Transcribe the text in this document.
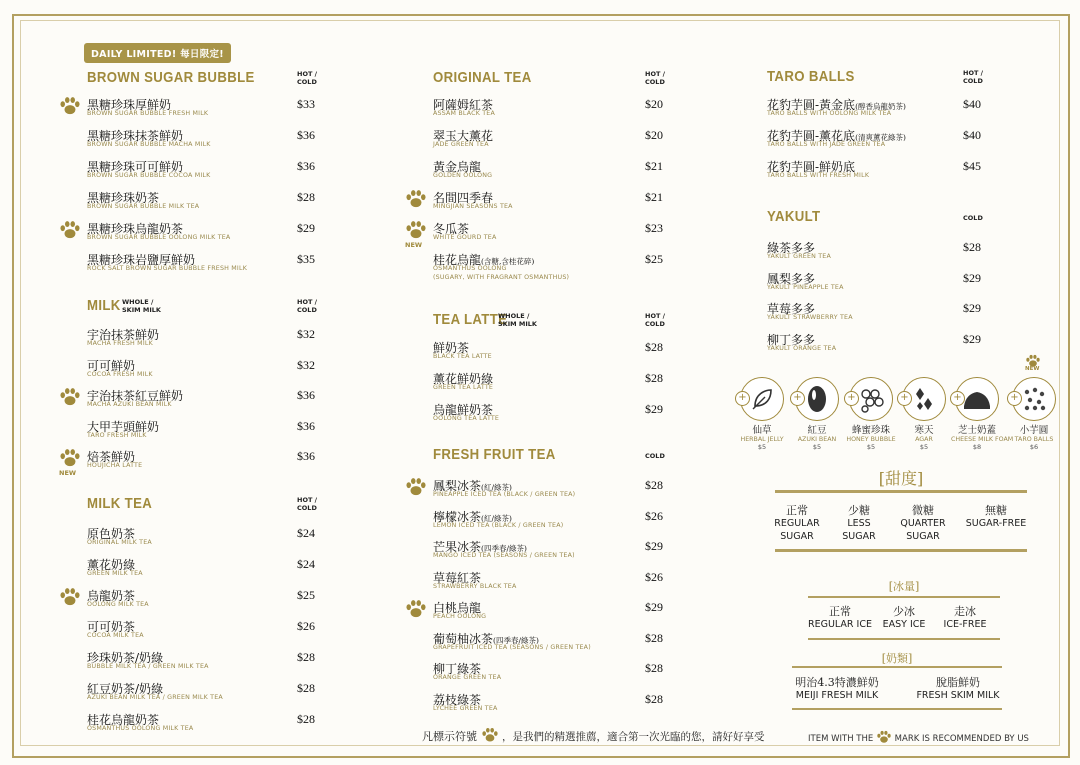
DAILY LIMITED! 每日限定!
BROWN SUGAR BUBBLE	HOT /
COLD
黑糖珍珠厚鮮奶
BROWN SUGAR BUBBLE FRESH MILK
$33
黑糖珍珠抹茶鮮奶
BROWN SUGAR BUBBLE MACHA MILK
$36
黑糖珍珠可可鮮奶
BROWN SUGAR BUBBLE COCOA MILK
$36
黑糖珍珠奶茶
BROWN SUGAR BUBBLE MILK TEA
$28
黑糖珍珠烏龍奶茶
BROWN SUGAR BUBBLE OOLONG MILK TEA
$29
黑糖珍珠岩鹽厚鮮奶
ROCK SALT BROWN SUGAR BUBBLE FRESH MILK
$35
MILK WHOLE /
SKIM MILK
HOT /
COLD
宇治抹茶鮮奶
MACHA FRESH MILK
$32
可可鮮奶
COCOA FRESH MILK
$32
宇治抹茶紅豆鮮奶
MACHA AZUKI BEAN MILK
$36
大甲芋頭鮮奶
TARO FRESH MILK
$36
焙茶鮮奶
HOUJICHA LATTE
$36
NEW
MILK TEA	HOT /
COLD
原色奶茶
ORIGINAL MILK TEA
$24
薰花奶綠
GREEN MILK TEA
$24
烏龍奶茶
OOLONG MILK TEA
$25
可可奶茶
COCOA MILK TEA
$26
珍珠奶茶/奶綠
BUBBLE MILK TEA / GREEN MILK TEA
$28
紅豆奶茶/奶綠
AZUKI BEAN MILK TEA / GREEN MILK TEA
$28
桂花烏龍奶茶
OSMANTHUS OOLONG MILK TEA
$28
ORIGINAL TEA	HOT /
COLD
阿薩姆紅茶
ASSAM BLACK TEA
$20
翠玉大薰花
JADE GREEN TEA
$20
黃金烏龍
GOLDEN OOLONG
$21
名間四季春
MINGJIAN SEASONS TEA
$21
冬瓜茶
WHITE GOURD TEA
$23
NEW
桂花烏龍(含糖,含桂花碎)
OSMANTHUS OOLONG
(SUGARY, WITH FRAGRANT OSMANTHUS)
$25
TEA LATTE
WHOLE /
SKIM MILK
HOT /
COLD
鮮奶茶
BLACK TEA LATTE
$28
薰花鮮奶綠
GREEN TEA LATTE
$28
烏龍鮮奶茶
OOLONG TEA LATTE
$29
FRESH FRUIT TEA	COLD
鳳梨冰茶(紅/綠茶)
PINEAPPLE ICED TEA (BLACK / GREEN TEA)
$28
檸檬冰茶(紅/綠茶)
LEMON ICED TEA (BLACK / GREEN TEA)
$26
芒果冰茶(四季春/綠茶)
MANGO ICED TEA (SEASONS / GREEN TEA)
$29
草莓紅茶
STRAWBERRY BLACK TEA
$26
白桃烏龍
PEACH OOLONG
$29
葡萄柚冰茶(四季春/綠茶)
GRAPEFRUIT ICED TEA (SEASONS / GREEN TEA)
$28
柳丁綠茶
ORANGE GREEN TEA
$28
荔枝綠茶
LYCHEE GREEN TEA
$28
TARO BALLS	HOT /
COLD
花豹芋圓-黃金底(醇香烏龍奶茶)
TARO BALLS WITH OOLONG MILK TEA
$40
花豹芋圓-薰花底(清爽薰花綠茶)
TARO BALLS WITH JADE GREEN TEA
$40
花豹芋圓-鮮奶底
TARO BALLS WITH FRESH MILK
$45
YAKULT	COLD
綠茶多多
YAKULT GREEN TEA
$28
鳳梨多多
YAKULT PINEAPPLE TEA
$29
草莓多多
YAKULT STRAWBERRY TEA
$29
柳丁多多
YAKULT ORANGE TEA
$29
+
仙草
HERBAL JELLY
$5
+
紅豆
AZUKI BEAN
$5
+
蜂蜜珍珠
HONEY BUBBLE
$5
+
寒天
AGAR
$5
+
芝士奶蓋
CHEESE MILK FOAM
$8
+
小芋圓
TARO BALLS
$6
NEW
[甜度]
正常
REGULAR
SUGAR
少糖
LESS
SUGAR
微糖
QUARTER
SUGAR
無糖
SUGAR-FREE
[冰量]
正常
REGULAR ICE
少冰
EASY ICE
走冰
ICE-FREE
[奶類]
明治4.3特濃鮮奶
MEIJI FRESH MILK
脫脂鮮奶
FRESH SKIM MILK
凡標示符號 ，是我們的精選推薦，適合第一次光臨的您，請好好享受	ITEM WITH THE	MARK IS RECOMMENDED BY US
